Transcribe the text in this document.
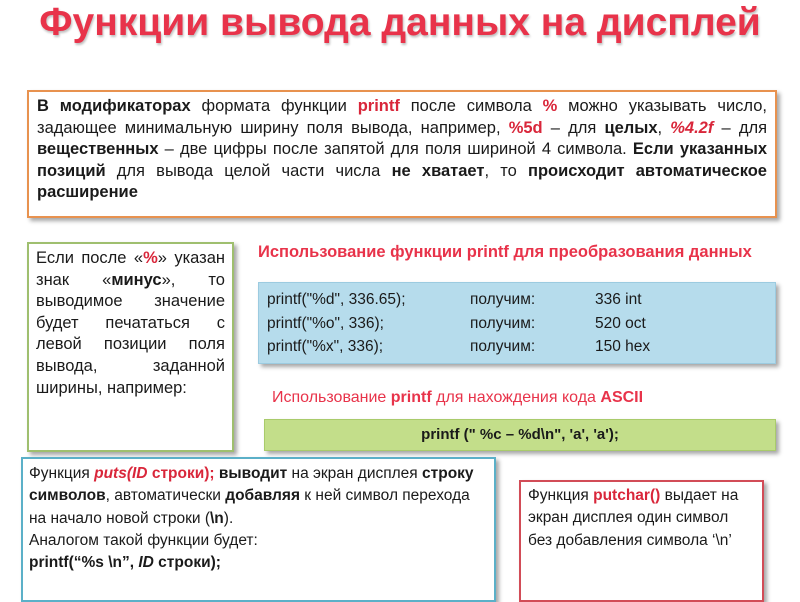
Функции вывода данных на дисплей
В модификаторах формата функции printf после символа % можно указывать число, задающее минимальную ширину поля вывода, например, %5d – для целых, %4.2f – для вещественных – две цифры после запятой для поля шириной 4 символа. Если указанных позиций для вывода целой части числа не хватает, то происходит автоматическое расширение
Если после «%» указан знак «минус», то выводимое значение будет печататься с левой позиции поля вывода, заданной ширины, например:
Использование функции printf для преобразования данных
printf("%d", 336.65);	получим:	336 int
printf("%o", 336);	получим:	520 oct
printf("%x", 336);	получим:	150 hex
Использование printf для нахождения кода ASCII
printf (" %c – %d\n", 'a', 'a');
Функция puts(ID строки); выводит на экран дисплея строку символов, автоматически добавляя к ней символ перехода на начало новой строки (\n).
Аналогом такой функции будет:
printf(“%s \n”, ID строки);
Функция putchar() выдает на экран дисплея один символ без добавления символа ‘\n’
